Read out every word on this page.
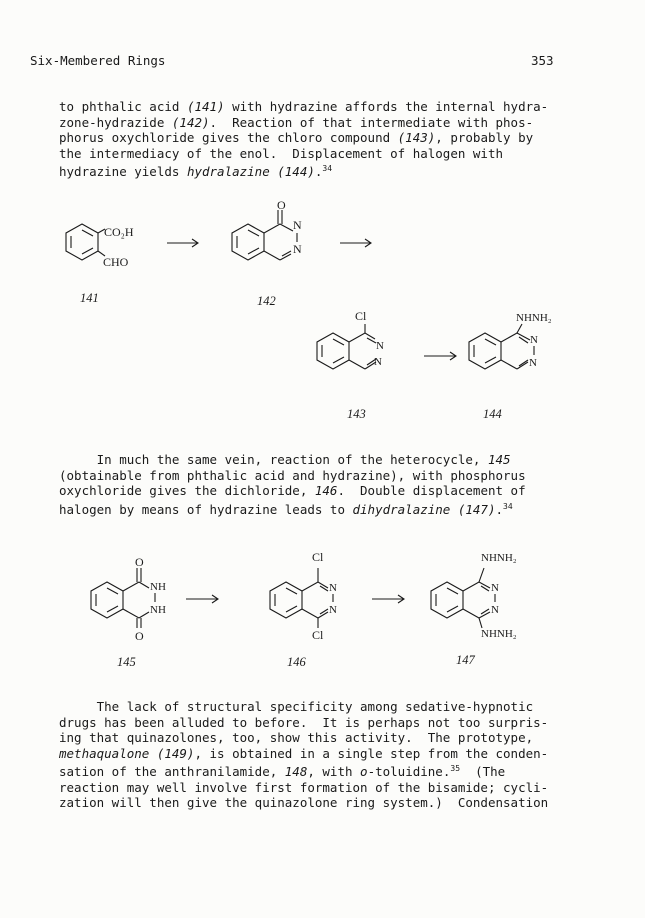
Six-Membered Rings	353
to phthalic acid (141) with hydrazine affords the internal hydra-
zone-hydrazide (142).  Reaction of that intermediate with phos-
phorus oxychloride gives the chloro compound (143), probably by
the intermediacy of the enol.  Displacement of halogen with
hydrazine yields hydralazine (144).$^{34}$
CO₂H
CHO
O
N
N
Cl
N
N
NHNH₂
N
N
141	142
143	144
In much the same vein, reaction of the heterocycle, 145
(obtainable from phthalic acid and hydrazine), with phosphorus
oxychloride gives the dichloride, 146.  Double displacement of
halogen by means of hydrazine leads to dihydralazine (147).$^{34}$
O
O
NH
NH
Cl
Cl
N
N
NHNH₂
NHNH₂
N
N
145	146	147
The lack of structural specificity among sedative-hypnotic
drugs has been alluded to before.  It is perhaps not too surpris-
ing that quinazolones, too, show this activity.  The prototype,
methaqualone (149), is obtained in a single step from the conden-
sation of the anthranilamide, 148, with o-toluidine.$^{35}$  (The
reaction may well involve first formation of the bisamide; cycli-
zation will then give the quinazolone ring system.)  Condensation
